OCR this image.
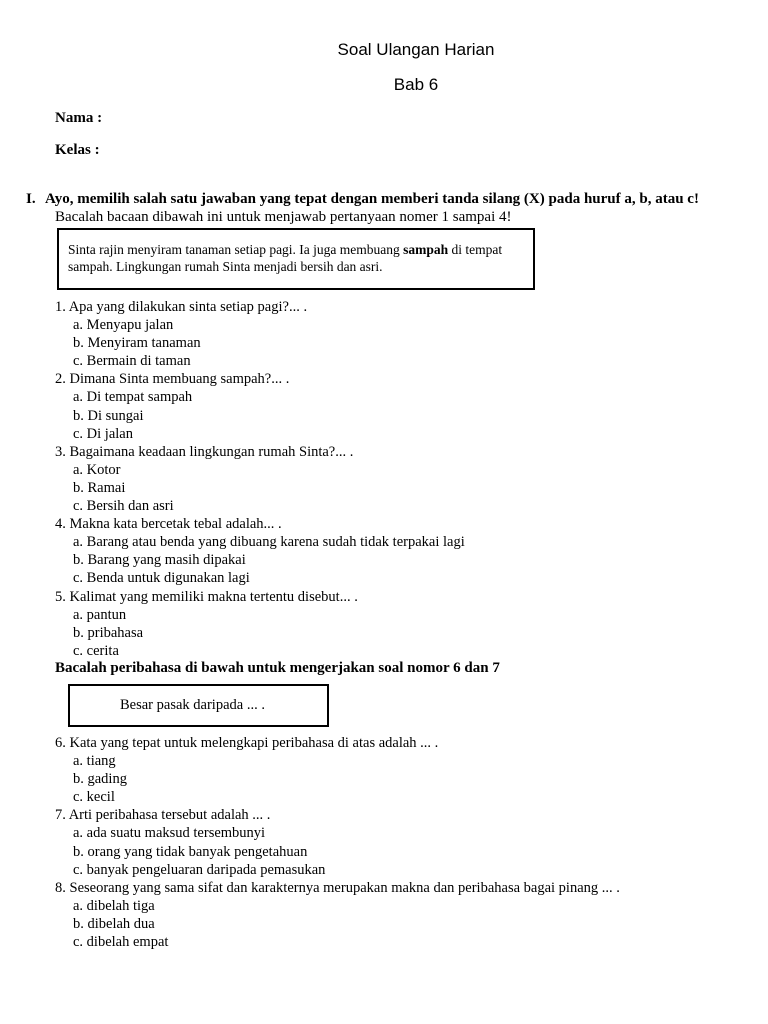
Soal Ulangan Harian
Bab 6
Nama :
Kelas :
I. Ayo, memilih salah satu jawaban yang tepat dengan memberi tanda silang (X) pada huruf a, b, atau c!
Bacalah bacaan dibawah ini untuk menjawab pertanyaan nomer 1 sampai 4!
Sinta rajin menyiram tanaman setiap pagi. Ia juga membuang sampah di tempat sampah. Lingkungan rumah Sinta menjadi bersih dan asri.
1. Apa yang dilakukan sinta setiap pagi?... .
a. Menyapu jalan
b. Menyiram tanaman
c. Bermain di taman
2. Dimana Sinta membuang sampah?... .
a. Di tempat sampah
b. Di sungai
c. Di jalan
3. Bagaimana keadaan lingkungan rumah Sinta?... .
a. Kotor
b. Ramai
c. Bersih dan asri
4. Makna kata bercetak tebal adalah... .
a. Barang atau benda yang dibuang karena sudah tidak terpakai lagi
b. Barang yang masih dipakai
c. Benda untuk digunakan lagi
5. Kalimat yang memiliki makna tertentu disebut... .
a. pantun
b. pribahasa
c. cerita
Bacalah peribahasa di bawah untuk mengerjakan soal nomor 6 dan 7
Besar pasak daripada ... .
6. Kata yang tepat untuk melengkapi peribahasa di atas adalah ... .
a. tiang
b. gading
c. kecil
7. Arti peribahasa tersebut adalah ... .
a. ada suatu maksud tersembunyi
b. orang yang tidak banyak pengetahuan
c. banyak pengeluaran daripada pemasukan
8. Seseorang yang sama sifat dan karakternya merupakan makna dan peribahasa bagai pinang ... .
a. dibelah tiga
b. dibelah dua
c. dibelah empat
